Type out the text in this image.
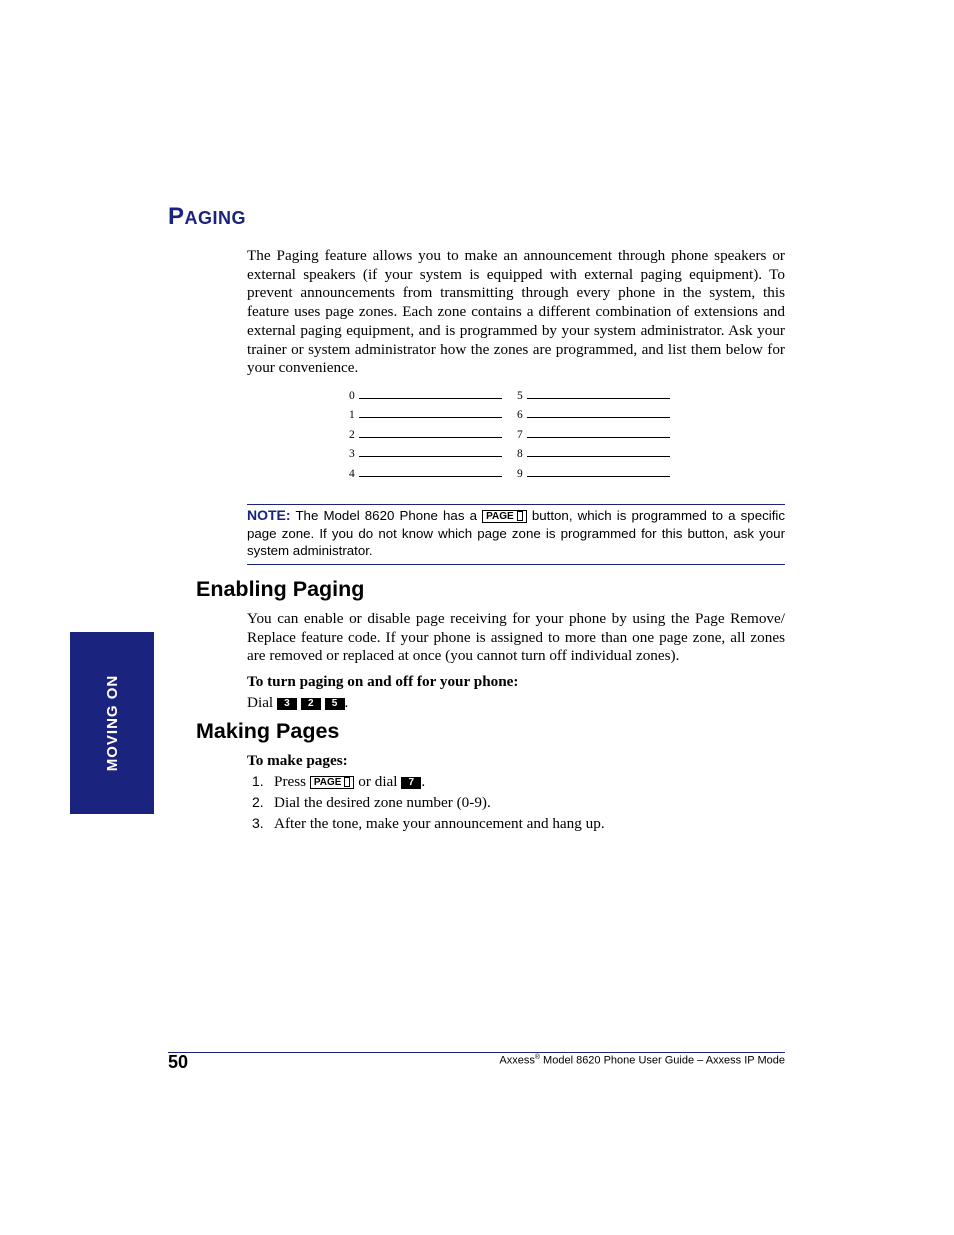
PAGING
The Paging feature allows you to make an announcement through phone speakers or external speakers (if your system is equipped with external paging equipment). To prevent announcements from transmitting through every phone in the system, this feature uses page zones. Each zone contains a different combination of extensions and external paging equipment, and is programmed by your system administrator. Ask your trainer or system administrator how the zones are programmed, and list them below for your convenience.
0
1
2
3
4
5
6
7
8
9
NOTE: The Model 8620 Phone has a PAGE button, which is programmed to a specific page zone. If you do not know which page zone is programmed for this button, ask your system administrator.
Enabling Paging
You can enable or disable page receiving for your phone by using the Page Remove/ Replace feature code. If your phone is assigned to more than one page zone, all zones are removed or replaced at once (you cannot turn off individual zones).
To turn paging on and off for your phone:
Dial 3 2 5 .
Making Pages
To make pages:
1. Press PAGE or dial 7 .
2. Dial the desired zone number (0-9).
3. After the tone, make your announcement and hang up.
MOVING ON
50	Axxess® Model 8620 Phone User Guide – Axxess IP Mode
